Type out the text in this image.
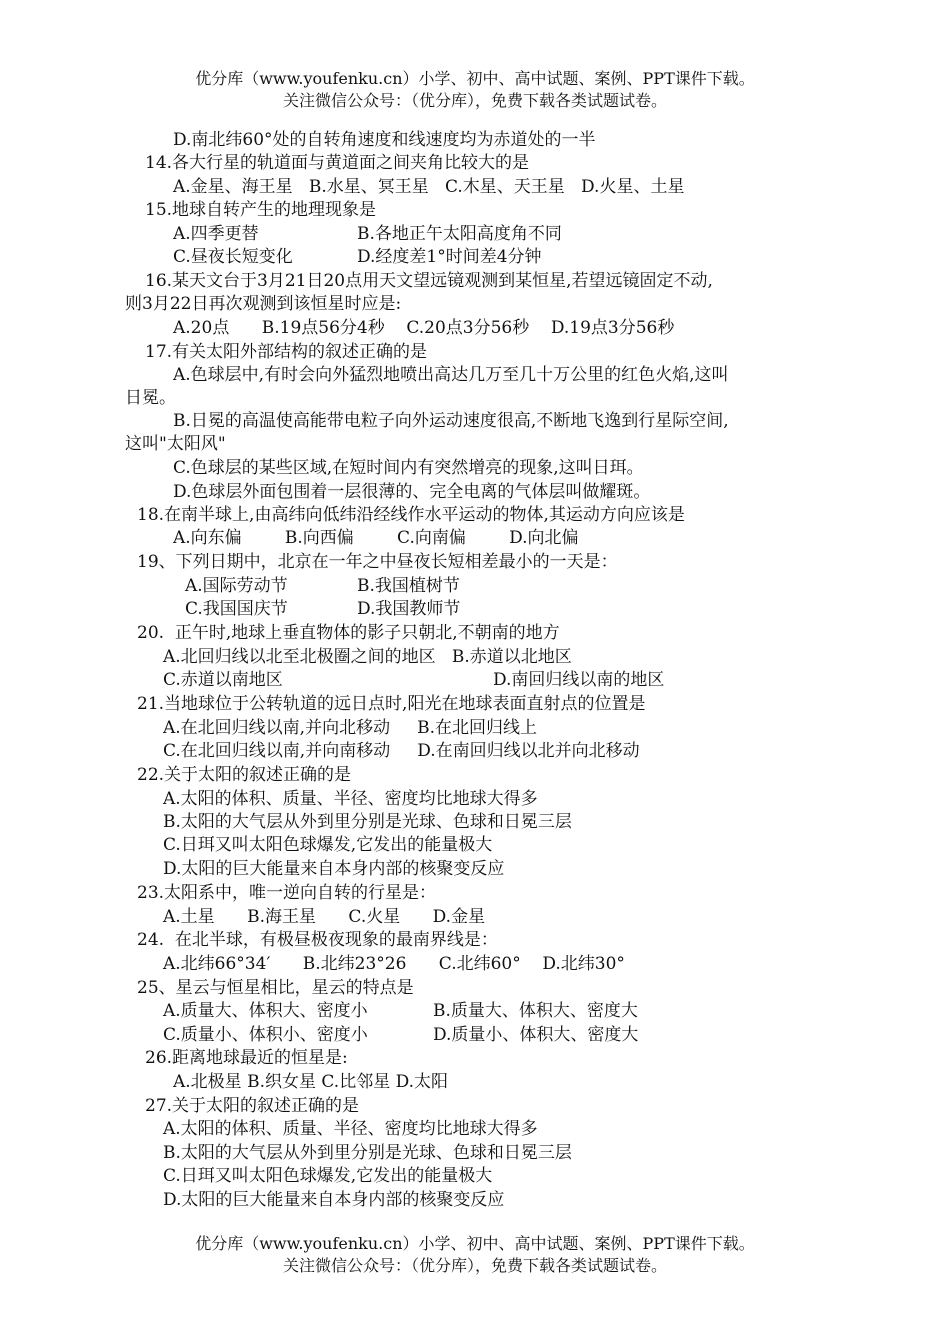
优分库（www.youfenku.cn）小学、初中、高中试题、案例、PPT课件下载。
关注微信公众号：（优分库），免费下载各类试题试卷。
D.南北纬60°处的自转角速度和线速度均为赤道处的一半
14.各大行星的轨道面与黄道面之间夹角比较大的是
A.金星、海王星   B.水星、冥王星   C.木星、天王星   D.火星、土星
15.地球自转产生的地理现象是
A.四季更替	B.各地正午太阳高度角不同
C.昼夜长短变化	D.经度差1°时间差4分钟
16.某天文台于3月21日20点用天文望远镜观测到某恒星,若望远镜固定不动,
则3月22日再次观测到该恒星时应是:
A.20点      B.19点56分4秒    C.20点3分56秒    D.19点3分56秒
17.有关太阳外部结构的叙述正确的是
A.色球层中,有时会向外猛烈地喷出高达几万至几十万公里的红色火焰,这叫
日冕。
B.日冕的高温使高能带电粒子向外运动速度很高,不断地飞逸到行星际空间,
这叫"太阳风"
C.色球层的某些区域,在短时间内有突然增亮的现象,这叫日珥。
D.色球层外面包围着一层很薄的、完全电离的气体层叫做耀斑。
18.在南半球上,由高纬向低纬沿经线作水平运动的物体,其运动方向应该是
A.向东偏        B.向西偏        C.向南偏        D.向北偏
19、下列日期中，北京在一年之中昼夜长短相差最小的一天是：
A.国际劳动节	B.我国植树节
C.我国国庆节	D.我国教师节
20.  正午时,地球上垂直物体的影子只朝北,不朝南的地方
A.北回归线以北至北极圈之间的地区   B.赤道以北地区
C.赤道以南地区	D.南回归线以南的地区
21.当地球位于公转轨道的远日点时,阳光在地球表面直射点的位置是
A.在北回归线以南,并向北移动     B.在北回归线上
C.在北回归线以南,并向南移动     D.在南回归线以北并向北移动
22.关于太阳的叙述正确的是
A.太阳的体积、质量、半径、密度均比地球大得多
B.太阳的大气层从外到里分别是光球、色球和日冕三层
C.日珥又叫太阳色球爆发,它发出的能量极大
D.太阳的巨大能量来自本身内部的核聚变反应
23.太阳系中，唯一逆向自转的行星是：
A.土星      B.海王星      C.火星      D.金星
24.  在北半球，有极昼极夜现象的最南界线是：
A.北纬66°34′      B.北纬23°26      C.北纬60°    D.北纬30°
25、星云与恒星相比，星云的特点是
A.质量大、体积大、密度小	B.质量大、体积大、密度大
C.质量小、体积小、密度小	D.质量小、体积大、密度大
26.距离地球最近的恒星是:
A.北极星 B.织女星 C.比邻星 D.太阳
27.关于太阳的叙述正确的是
A.太阳的体积、质量、半径、密度均比地球大得多
B.太阳的大气层从外到里分别是光球、色球和日冕三层
C.日珥又叫太阳色球爆发,它发出的能量极大
D.太阳的巨大能量来自本身内部的核聚变反应
优分库（www.youfenku.cn）小学、初中、高中试题、案例、PPT课件下载。
关注微信公众号：（优分库），免费下载各类试题试卷。
